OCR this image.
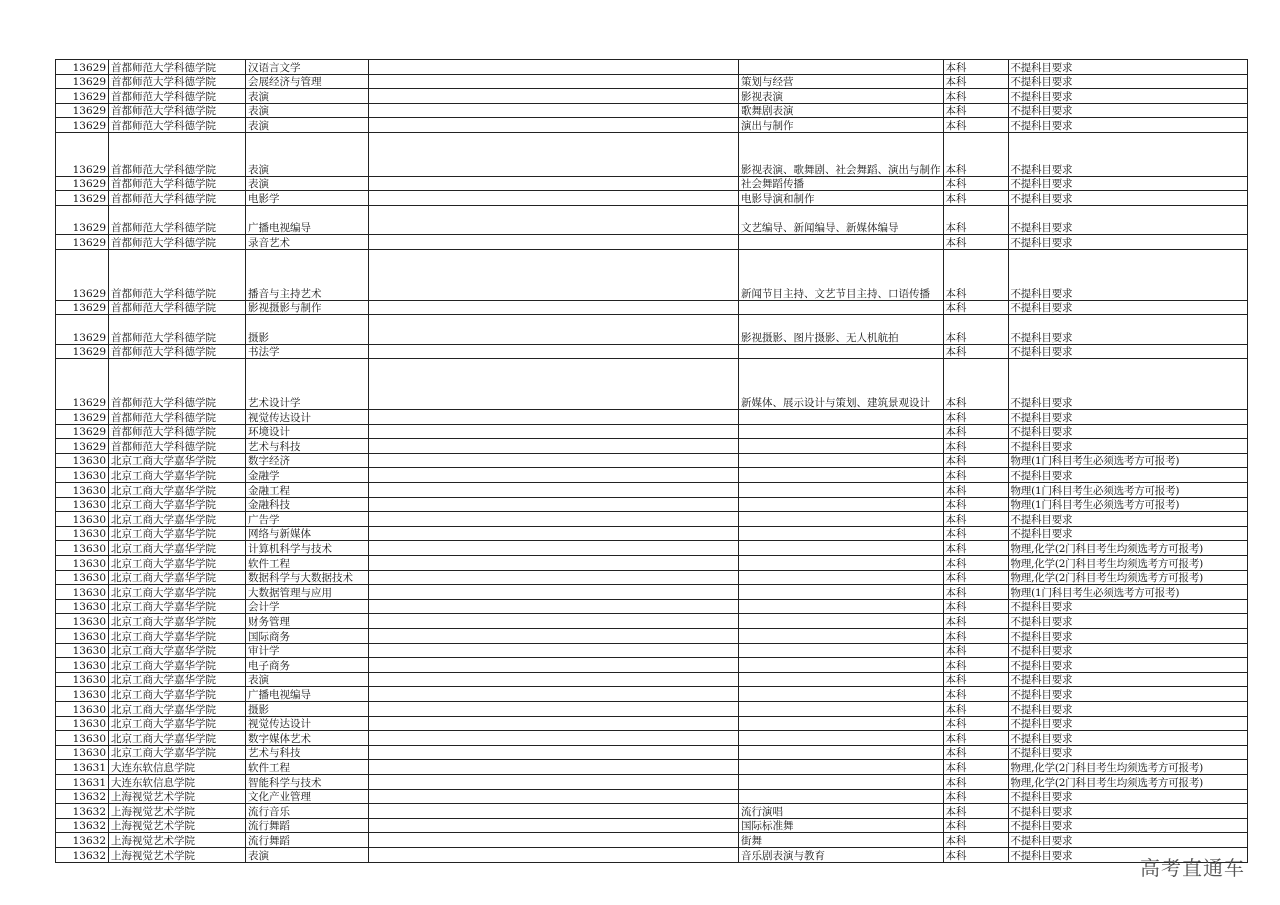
13629	首都师范大学科德学院	汉语言文学			本科	不提科目要求
13629	首都师范大学科德学院	会展经济与管理		策划与经营	本科	不提科目要求
13629	首都师范大学科德学院	表演		影视表演	本科	不提科目要求
13629	首都师范大学科德学院	表演		歌舞剧表演	本科	不提科目要求
13629	首都师范大学科德学院	表演		演出与制作	本科	不提科目要求
13629	首都师范大学科德学院	表演		影视表演、歌舞剧、社会舞蹈、演出与制作	本科	不提科目要求
13629	首都师范大学科德学院	表演		社会舞蹈传播	本科	不提科目要求
13629	首都师范大学科德学院	电影学		电影导演和制作	本科	不提科目要求
13629	首都师范大学科德学院	广播电视编导		文艺编导、新闻编导、新媒体编导	本科	不提科目要求
13629	首都师范大学科德学院	录音艺术			本科	不提科目要求
13629	首都师范大学科德学院	播音与主持艺术		新闻节目主持、文艺节目主持、口语传播	本科	不提科目要求
13629	首都师范大学科德学院	影视摄影与制作			本科	不提科目要求
13629	首都师范大学科德学院	摄影		影视摄影、图片摄影、无人机航拍	本科	不提科目要求
13629	首都师范大学科德学院	书法学			本科	不提科目要求
13629	首都师范大学科德学院	艺术设计学		新媒体、展示设计与策划、建筑景观设计	本科	不提科目要求
13629	首都师范大学科德学院	视觉传达设计			本科	不提科目要求
13629	首都师范大学科德学院	环境设计			本科	不提科目要求
13629	首都师范大学科德学院	艺术与科技			本科	不提科目要求
13630	北京工商大学嘉华学院	数字经济			本科	物理(1门科目考生必须选考方可报考)
13630	北京工商大学嘉华学院	金融学			本科	不提科目要求
13630	北京工商大学嘉华学院	金融工程			本科	物理(1门科目考生必须选考方可报考)
13630	北京工商大学嘉华学院	金融科技			本科	物理(1门科目考生必须选考方可报考)
13630	北京工商大学嘉华学院	广告学			本科	不提科目要求
13630	北京工商大学嘉华学院	网络与新媒体			本科	不提科目要求
13630	北京工商大学嘉华学院	计算机科学与技术			本科	物理,化学(2门科目考生均须选考方可报考)
13630	北京工商大学嘉华学院	软件工程			本科	物理,化学(2门科目考生均须选考方可报考)
13630	北京工商大学嘉华学院	数据科学与大数据技术			本科	物理,化学(2门科目考生均须选考方可报考)
13630	北京工商大学嘉华学院	大数据管理与应用			本科	物理(1门科目考生必须选考方可报考)
13630	北京工商大学嘉华学院	会计学			本科	不提科目要求
13630	北京工商大学嘉华学院	财务管理			本科	不提科目要求
13630	北京工商大学嘉华学院	国际商务			本科	不提科目要求
13630	北京工商大学嘉华学院	审计学			本科	不提科目要求
13630	北京工商大学嘉华学院	电子商务			本科	不提科目要求
13630	北京工商大学嘉华学院	表演			本科	不提科目要求
13630	北京工商大学嘉华学院	广播电视编导			本科	不提科目要求
13630	北京工商大学嘉华学院	摄影			本科	不提科目要求
13630	北京工商大学嘉华学院	视觉传达设计			本科	不提科目要求
13630	北京工商大学嘉华学院	数字媒体艺术			本科	不提科目要求
13630	北京工商大学嘉华学院	艺术与科技			本科	不提科目要求
13631	大连东软信息学院	软件工程			本科	物理,化学(2门科目考生均须选考方可报考)
13631	大连东软信息学院	智能科学与技术			本科	物理,化学(2门科目考生均须选考方可报考)
13632	上海视觉艺术学院	文化产业管理			本科	不提科目要求
13632	上海视觉艺术学院	流行音乐		流行演唱	本科	不提科目要求
13632	上海视觉艺术学院	流行舞蹈		国际标准舞	本科	不提科目要求
13632	上海视觉艺术学院	流行舞蹈		街舞	本科	不提科目要求
13632	上海视觉艺术学院	表演		音乐剧表演与教育	本科	不提科目要求
高考直通车
